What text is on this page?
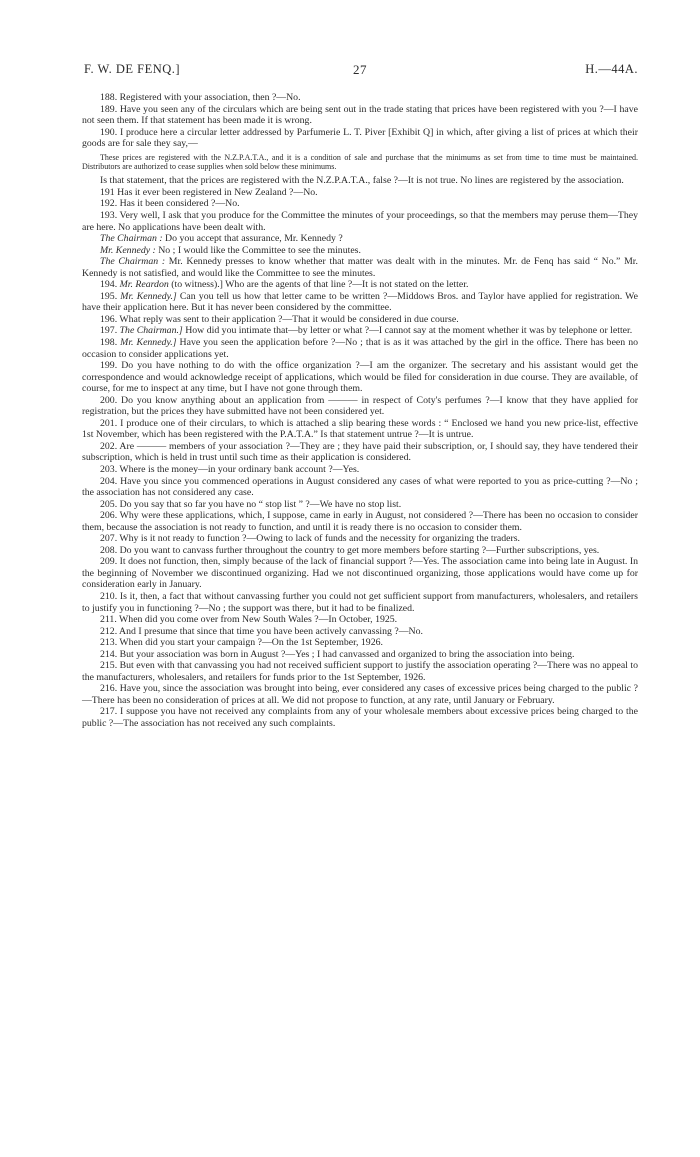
F. W. DE FENQ.]	27	H.—44A.

188. Registered with your association, then ?—No.

189. Have you seen any of the circulars which are being sent out in the trade stating that prices have been registered with you ?—I have not seen them. If that statement has been made it is wrong.

190. I produce here a circular letter addressed by Parfumerie L. T. Piver [Exhibit Q] in which, after giving a list of prices at which their goods are for sale they say,—

These prices are registered with the N.Z.P.A.T.A., and it is a condition of sale and purchase that the minimums as set from time to time must be maintained. Distributors are authorized to cease supplies when sold below these minimums.

Is that statement, that the prices are registered with the N.Z.P.A.T.A., false ?—It is not true. No lines are registered by the association.

191 Has it ever been registered in New Zealand ?—No.

192. Has it been considered ?—No.

193. Very well, I ask that you produce for the Committee the minutes of your proceedings, so that the members may peruse them—They are here. No applications have been dealt with.

The Chairman : Do you accept that assurance, Mr. Kennedy ?

Mr. Kennedy : No ; I would like the Committee to see the minutes.

The Chairman : Mr. Kennedy presses to know whether that matter was dealt with in the minutes. Mr. de Fenq has said “ No.” Mr. Kennedy is not satisfied, and would like the Committee to see the minutes.

194. Mr. Reardon (to witness).] Who are the agents of that line ?—It is not stated on the letter.

195. Mr. Kennedy.] Can you tell us how that letter came to be written ?—Middows Bros. and Taylor have applied for registration. We have their application here. But it has never been considered by the committee.

196. What reply was sent to their application ?—That it would be considered in due course.

197. The Chairman.] How did you intimate that—by letter or what ?—I cannot say at the moment whether it was by telephone or letter.

198. Mr. Kennedy.] Have you seen the application before ?—No ; that is as it was attached by the girl in the office. There has been no occasion to consider applications yet.

199. Do you have nothing to do with the office organization ?—I am the organizer. The secretary and his assistant would get the correspondence and would acknowledge receipt of applications, which would be filed for consideration in due course. They are available, of course, for me to inspect at any time, but I have not gone through them.

200. Do you know anything about an application from ——— in respect of Coty's perfumes ?—I know that they have applied for registration, but the prices they have submitted have not been considered yet.

201. I produce one of their circulars, to which is attached a slip bearing these words : “ Enclosed we hand you new price-list, effective 1st November, which has been registered with the P.A.T.A.” Is that statement untrue ?—It is untrue.

202. Are ——— members of your association ?—They are ; they have paid their subscription, or, I should say, they have tendered their subscription, which is held in trust until such time as their application is considered.

203. Where is the money—in your ordinary bank account ?—Yes.

204. Have you since you commenced operations in August considered any cases of what were reported to you as price-cutting ?—No ; the association has not considered any case.

205. Do you say that so far you have no “ stop list ” ?—We have no stop list.

206. Why were these applications, which, I suppose, came in early in August, not considered ?—There has been no occasion to consider them, because the association is not ready to function, and until it is ready there is no occasion to consider them.

207. Why is it not ready to function ?—Owing to lack of funds and the necessity for organizing the traders.

208. Do you want to canvass further throughout the country to get more members before starting ?—Further subscriptions, yes.

209. It does not function, then, simply because of the lack of financial support ?—Yes. The association came into being late in August. In the beginning of November we discontinued organizing. Had we not discontinued organizing, those applications would have come up for consideration early in January.

210. Is it, then, a fact that without canvassing further you could not get sufficient support from manufacturers, wholesalers, and retailers to justify you in functioning ?—No ; the support was there, but it had to be finalized.

211. When did you come over from New South Wales ?—In October, 1925.

212. And I presume that since that time you have been actively canvassing ?—No.

213. When did you start your campaign ?—On the 1st September, 1926.

214. But your association was born in August ?—Yes ; I had canvassed and organized to bring the association into being.

215. But even with that canvassing you had not received sufficient support to justify the association operating ?—There was no appeal to the manufacturers, wholesalers, and retailers for funds prior to the 1st September, 1926.

216. Have you, since the association was brought into being, ever considered any cases of excessive prices being charged to the public ?—There has been no consideration of prices at all. We did not propose to function, at any rate, until January or February.

217. I suppose you have not received any complaints from any of your wholesale members about excessive prices being charged to the public ?—The association has not received any such complaints.
